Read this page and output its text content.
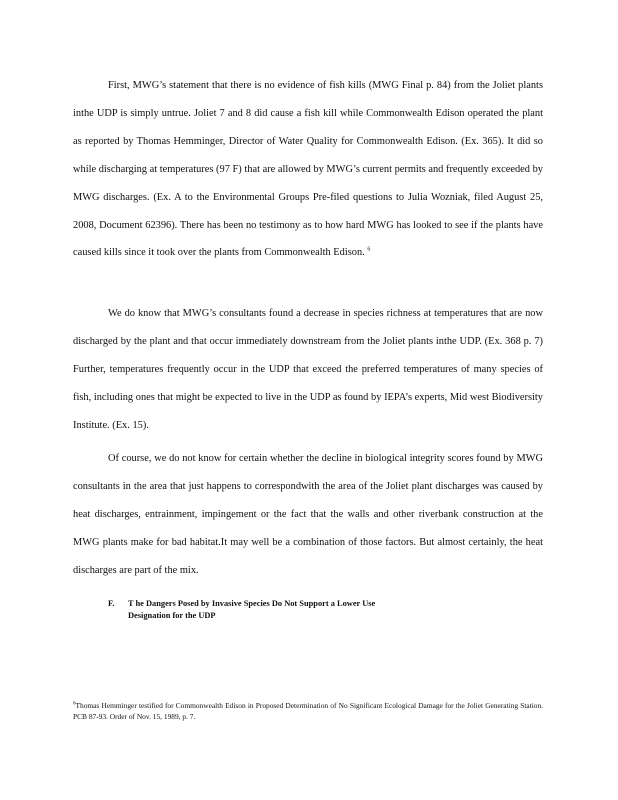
First, MWG’s statement that there is no evidence of fish kills (MWG Final p. 84) from the Joliet plants inthe UDP is simply untrue. Joliet 7 and 8 did cause a fish kill while Commonwealth Edison operated the plant as reported by Thomas Hemminger, Director of Water Quality for Commonwealth Edison. (Ex. 365). It did so while discharging at temperatures (97 F) that are allowed by MWG’s current permits and frequently exceeded by MWG discharges. (Ex. A to the Environmental Groups Pre-filed questions to Julia Wozniak, filed August 25, 2008, Document 62396). There has been no testimony as to how hard MWG has looked to see if the plants have caused kills since it took over the plants from Commonwealth Edison. $^6$

We do know that MWG’s consultants found a decrease in species richness at temperatures that are now discharged by the plant and that occur immediately downstream from the Joliet plants inthe UDP. (Ex. 368 p. 7) Further, temperatures frequently occur in the UDP that exceed the preferred temperatures of many species of fish, including ones that might be expected to live in the UDP as found by IEPA’s experts, Mid west Biodiversity Institute. (Ex. 15).

Of course, we do not know for certain whether the decline in biological integrity scores found by MWG consultants in the area that just happens to correspondwith the area of the Joliet plant discharges was caused by heat discharges, entrainment, impingement or the fact that the walls and other riverbank construction at the MWG plants make for bad habitat.It may well be a combination of those factors. But almost certainly, the heat discharges are part of the mix.

F. T he Dangers Posed by Invasive Species Do Not Support a Lower Use
Designation for the UDP

$^6$Thomas Hemminger testified for Commonwealth Edison in Proposed Determination of No Significant Ecological Damage for the Joliet Generating Station. PCB 87-93. Order of Nov. 15, 1989, p. 7.
